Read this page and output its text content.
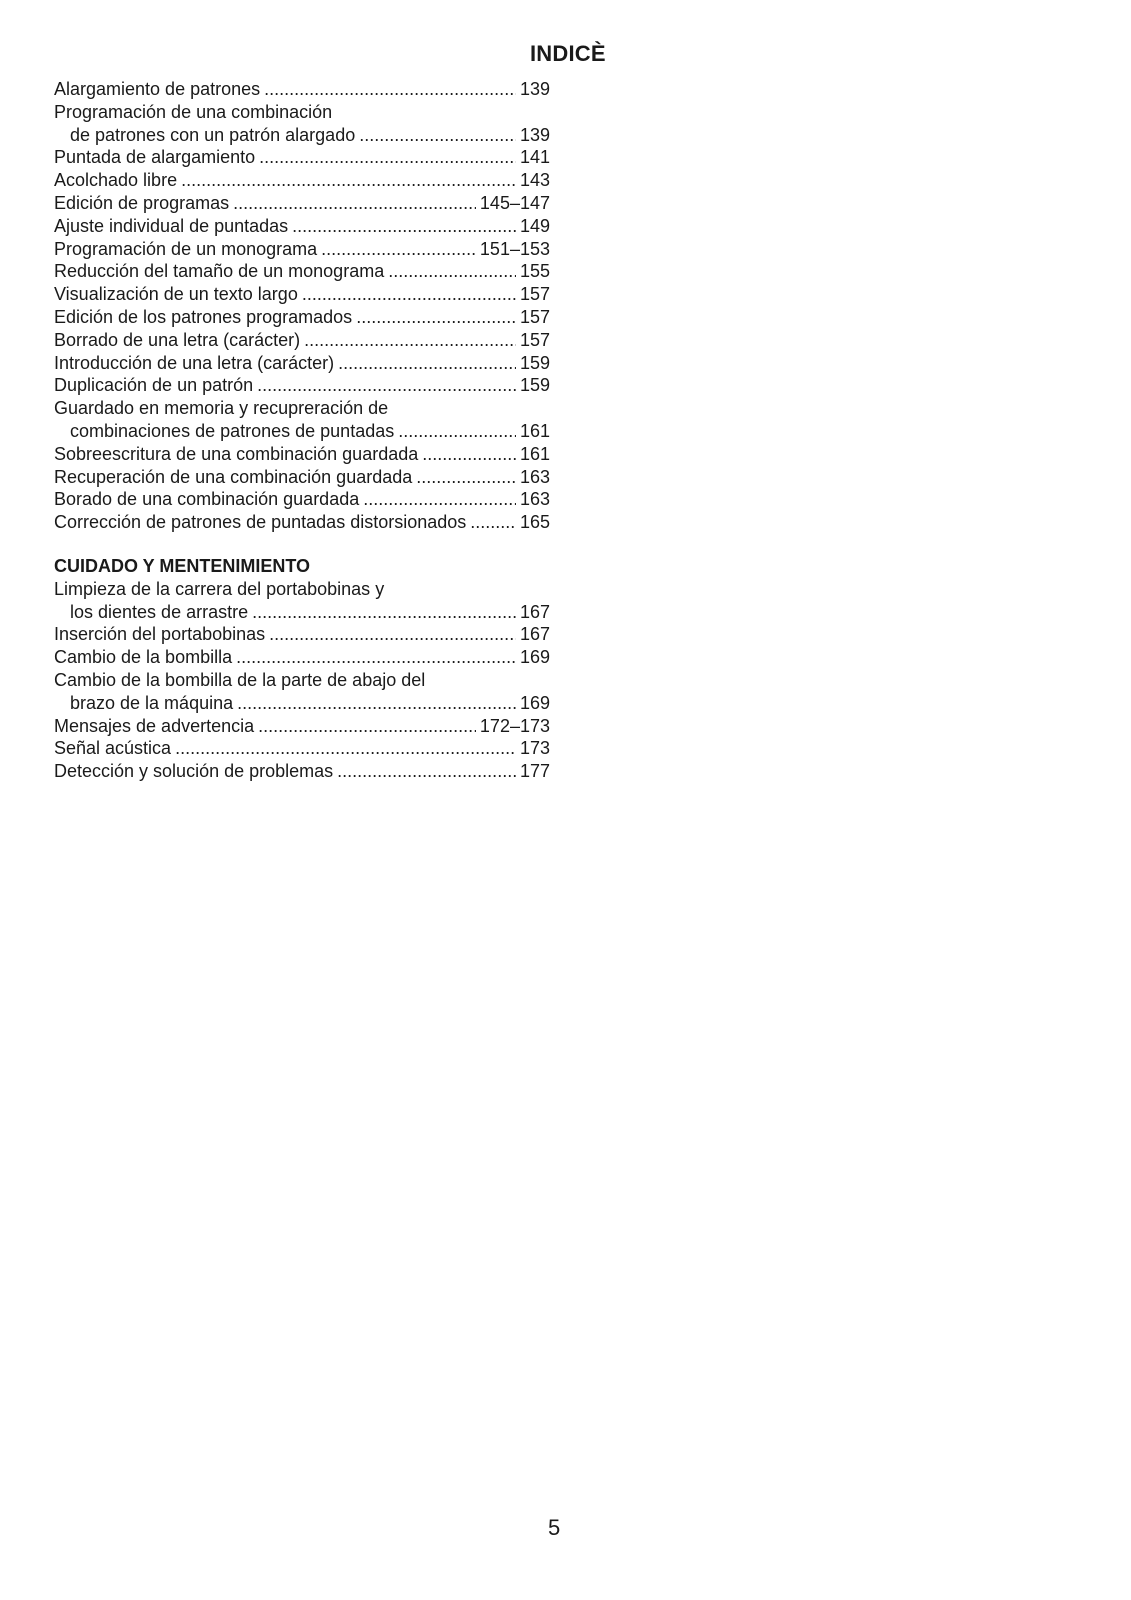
INDICÈ
Alargamiento de patrones .....	139
Programación de una combinación
de patrones con un patrón alargado .....	139
Puntada de alargamiento .....	141
Acolchado libre .....	143
Edición de programas .....	145–147
Ajuste individual de puntadas .....	149
Programación de un monograma .....	151–153
Reducción del tamaño de un monograma .....	155
Visualización de un texto largo .....	157
Edición de los patrones programados .....	157
Borrado de una letra (carácter) .....	157
Introducción de una letra (carácter) .....	159
Duplicación de un patrón .....	159
Guardado en memoria y recupreración de
combinaciones de patrones de puntadas .....	161
Sobreescritura de una combinación guardada .....	161
Recuperación de una combinación guardada .....	163
Borado de una combinación guardada .....	163
Corrección de patrones de puntadas distorsionados .....	165
CUIDADO Y MENTENIMIENTO
Limpieza de la carrera del portabobinas y
los dientes de arrastre .....	167
Inserción del portabobinas .....	167
Cambio de la bombilla .....	169
Cambio de la bombilla de la parte de abajo del
brazo de la máquina .....	169
Mensajes de advertencia .....	172–173
Señal acústica .....	173
Detección y solución de problemas .....	177
5
